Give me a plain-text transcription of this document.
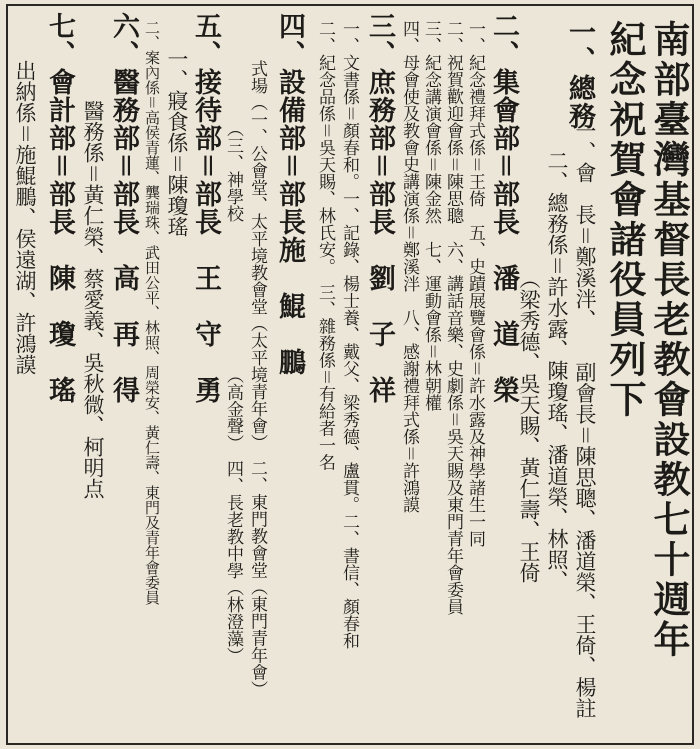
南部臺灣基督長老教會設教七十週年
紀念祝賀會諸役員列下
一、總務
一、會　長＝鄭溪泮、　　副會長＝陳思聰、潘道榮、王倚、楊註
二、總務係＝許水露、陳瓊瑤、潘道榮、林照、
（梁秀德、吳天賜、黃仁壽、王倚
二、集會部＝部長　潘　道　榮
一、紀念禮拜式係＝王倚　五、史蹟展覽會係＝許水露及神學諸生一同
二、祝賀歡迎會係＝陳思聰　六、講話音樂、史劇係＝吳天賜及東門青年會委員
三、紀念講演會係＝陳金然　七、運動會係＝林朝權
四、母會使及教會史講演係＝鄭溪泮　八、感謝禮拜式係＝許鴻謨
三、庶務部＝部長　劉　子　祥
一、文書係＝顏春和。一、記錄、楊士養、戴父、梁秀德、盧貫。二、書信、顏春和
二、紀念品係＝吳天賜、林氏安。　三、雜務係＝有給者一名
四、設備部＝部長施　鯤　鵬
式場（一、公會堂、太平境教會堂（太平境青年會）　二、東門教會堂（東門青年會）
（三、神學校　　　　　　　　　（高金聲）　四、長老教中學（林澄藻）
五、接待部＝部長　王　守　勇
一、寢食係＝陳瓊瑤
二、案內係＝高侯青蓮、龔瑞珠、武田公平、林照、周榮安、黃仁壽、東門及青年會委員
六、醫務部＝部長　高　再　得
醫務係＝黃仁榮、蔡愛義、吳秋微、柯明点
七、會計部＝部長　陳　瓊　瑤
出納係＝施鯤鵬、侯遠湖、許鴻謨
